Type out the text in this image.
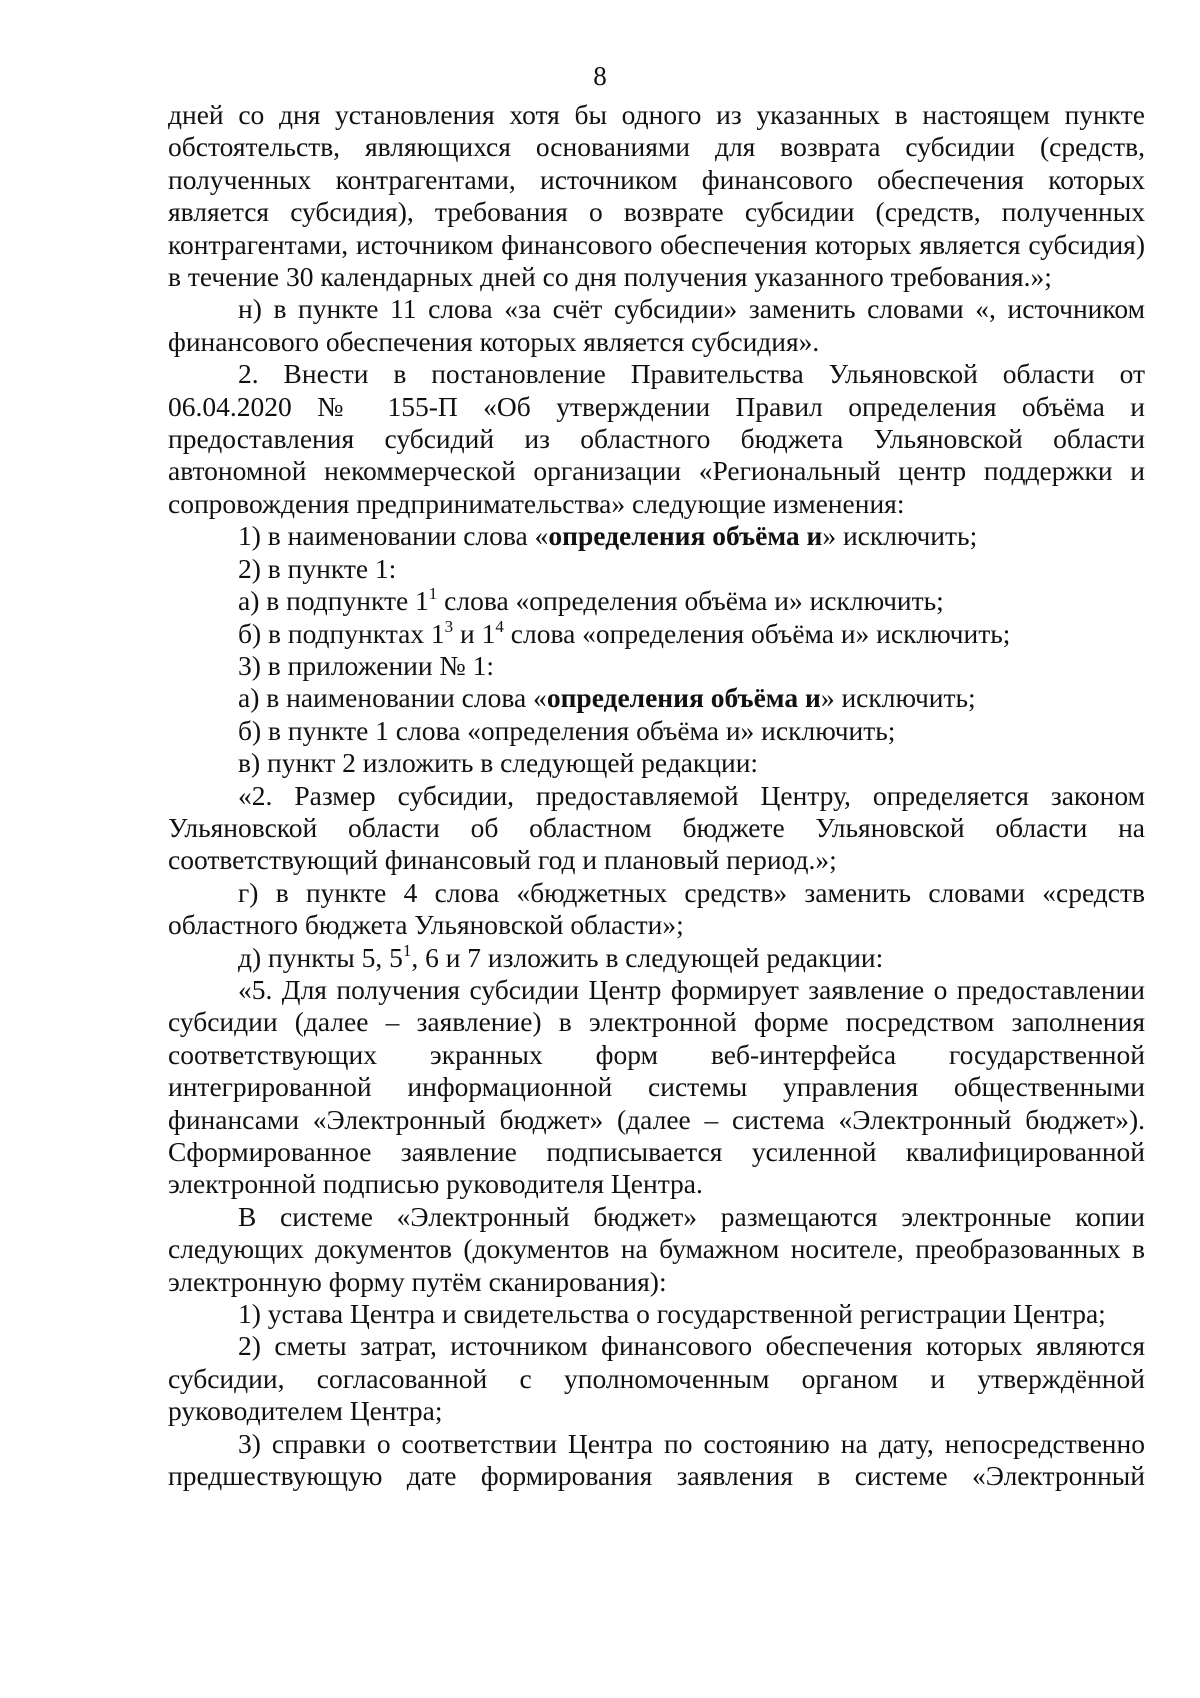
8

дней со дня установления хотя бы одного из указанных в настоящем пункте обстоятельств, являющихся основаниями для возврата субсидии (средств, полученных контрагентами, источником финансового обеспечения которых является субсидия), требования о возврате субсидии (средств, полученных контрагентами, источником финансового обеспечения которых является субсидия) в течение 30 календарных дней со дня получения указанного требования.»;

н) в пункте 11 слова «за счёт субсидии» заменить словами «, источником финансового обеспечения которых является субсидия».

2. Внести в постановление Правительства Ульяновской области от 06.04.2020 № 155-П «Об утверждении Правил определения объёма и предоставления субсидий из областного бюджета Ульяновской области автономной некоммерческой организации «Региональный центр поддержки и сопровождения предпринимательства» следующие изменения:

1) в наименовании слова «определения объёма и» исключить;

2) в пункте 1:

а) в подпункте $1^1$ слова «определения объёма и» исключить;

б) в подпунктах $1^3$ и $1^4$ слова «определения объёма и» исключить;

3) в приложении № 1:

а) в наименовании слова «определения объёма и» исключить;

б) в пункте 1 слова «определения объёма и» исключить;

в) пункт 2 изложить в следующей редакции:

«2. Размер субсидии, предоставляемой Центру, определяется законом Ульяновской области об областном бюджете Ульяновской области на соответствующий финансовый год и плановый период.»;

г) в пункте 4 слова «бюджетных средств» заменить словами «средств областного бюджета Ульяновской области»;

д) пункты 5, $5^1$, 6 и 7 изложить в следующей редакции:

«5. Для получения субсидии Центр формирует заявление о предоставлении субсидии (далее – заявление) в электронной форме посредством заполнения соответствующих экранных форм веб-интерфейса государственной интегрированной информационной системы управления общественными финансами «Электронный бюджет» (далее – система «Электронный бюджет»). Сформированное заявление подписывается усиленной квалифицированной электронной подписью руководителя Центра.

В системе «Электронный бюджет» размещаются электронные копии следующих документов (документов на бумажном носителе, преобразованных в электронную форму путём сканирования):

1) устава Центра и свидетельства о государственной регистрации Центра;

2) сметы затрат, источником финансового обеспечения которых являются субсидии, согласованной с уполномоченным органом и утверждённой руководителем Центра;

3) справки о соответствии Центра по состоянию на дату, непосредственно предшествующую дате формирования заявления в системе «Электронный
